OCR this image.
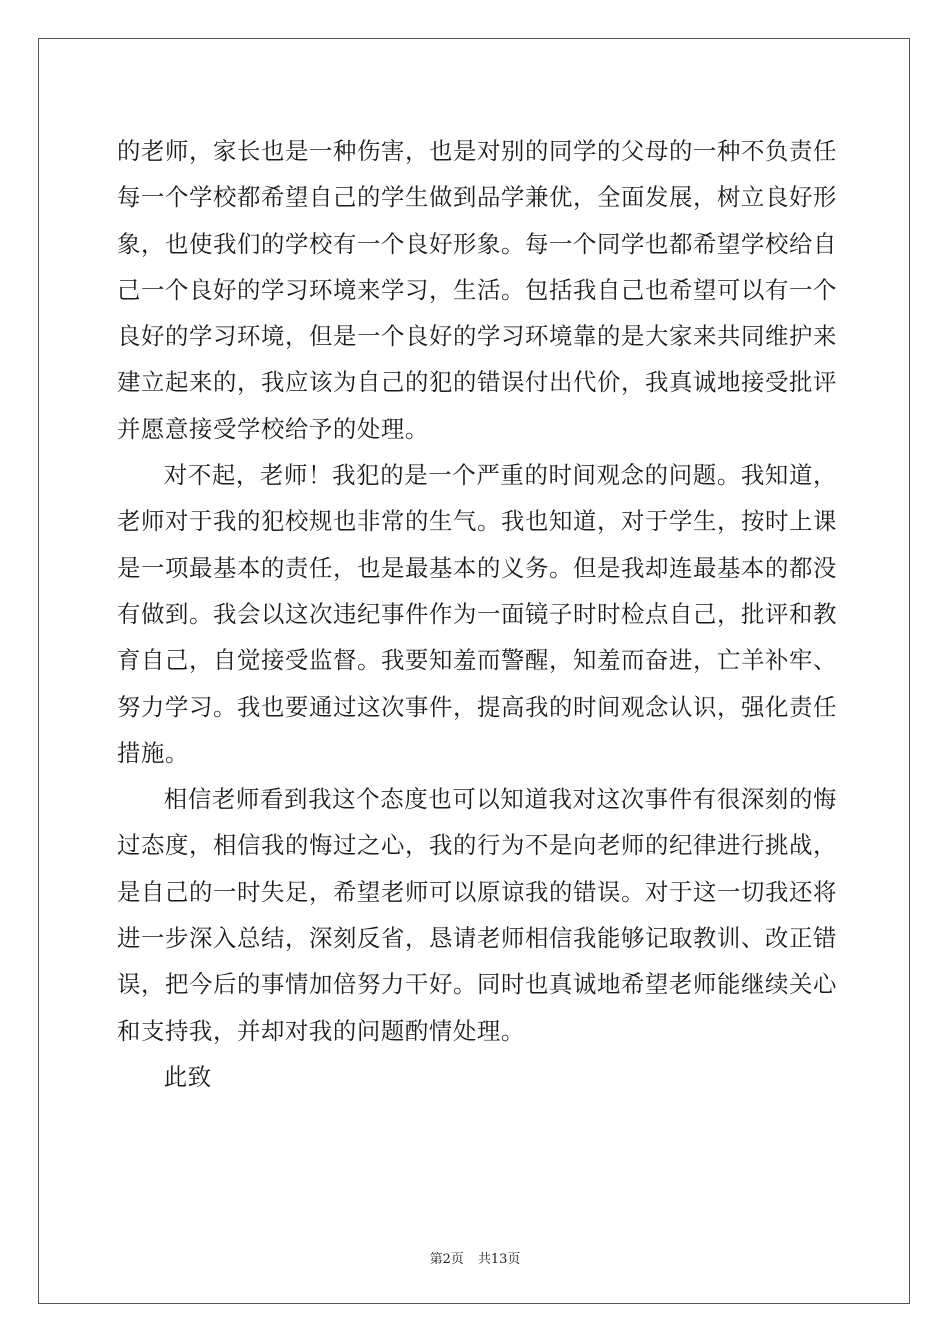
的老师，家长也是一种伤害，也是对别的同学的父母的一种不负责任每一个学校都希望自己的学生做到品学兼优，全面发展，树立良好形象，也使我们的学校有一个良好形象。每一个同学也都希望学校给自己一个良好的学习环境来学习，生活。包括我自己也希望可以有一个良好的学习环境，但是一个良好的学习环境靠的是大家来共同维护来建立起来的，我应该为自己的犯的错误付出代价，我真诚地接受批评并愿意接受学校给予的处理。

对不起，老师！我犯的是一个严重的时间观念的问题。我知道，老师对于我的犯校规也非常的生气。我也知道，对于学生，按时上课是一项最基本的责任，也是最基本的义务。但是我却连最基本的都没有做到。我会以这次违纪事件作为一面镜子时时检点自己，批评和教育自己，自觉接受监督。我要知羞而警醒，知羞而奋进，亡羊补牢、努力学习。我也要通过这次事件，提高我的时间观念认识，强化责任措施。

相信老师看到我这个态度也可以知道我对这次事件有很深刻的悔过态度，相信我的悔过之心，我的行为不是向老师的纪律进行挑战，是自己的一时失足，希望老师可以原谅我的错误。对于这一切我还将进一步深入总结，深刻反省，恳请老师相信我能够记取教训、改正错误，把今后的事情加倍努力干好。同时也真诚地希望老师能继续关心和支持我，并却对我的问题酌情处理。

此致

第2页 共13页
